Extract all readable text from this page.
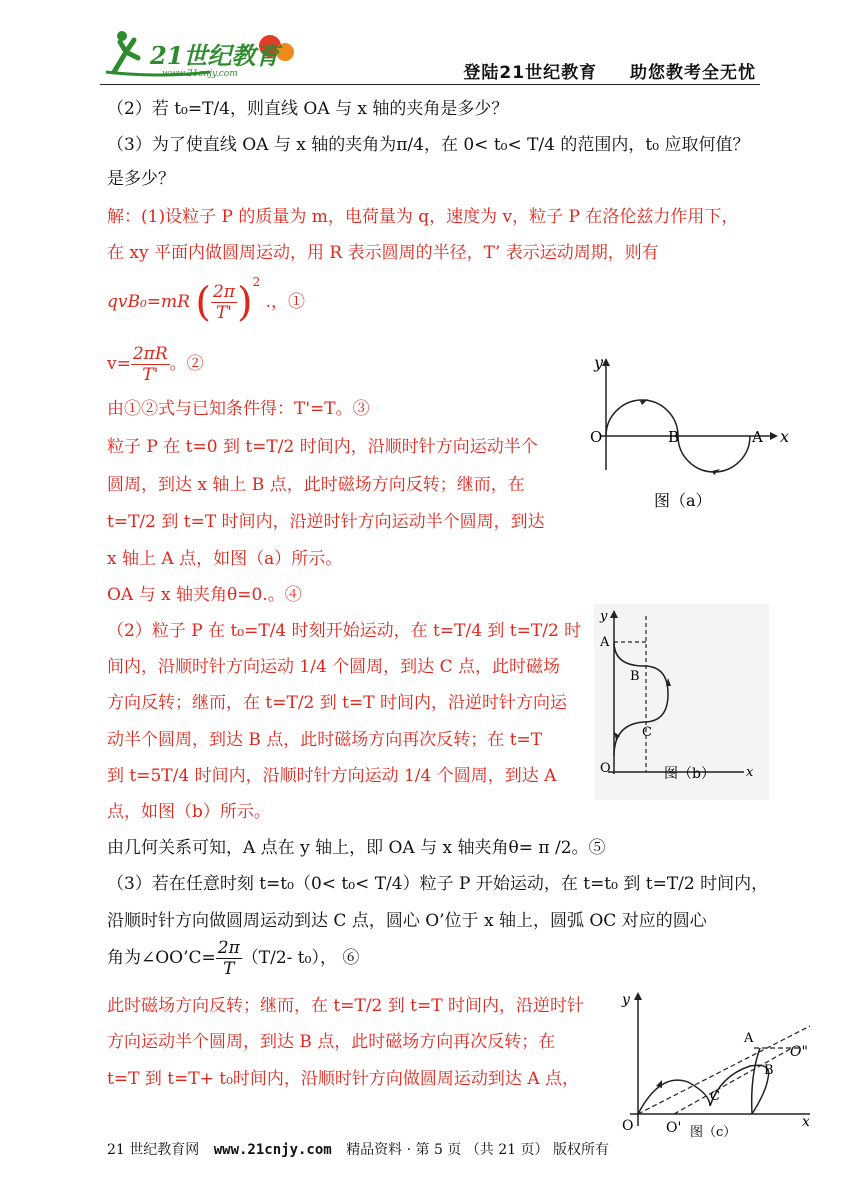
21世纪教育
www.21cnjy.com	登陆21世纪教育 助您教考全无忧
（2）若 t₀=T/4，则直线 OA 与 x 轴的夹角是多少？
（3）为了使直线 OA 与 x 轴的夹角为π/4，在 0< t₀< T/4 的范围内，t₀ 应取何值？
是多少？
解：(1)设粒子 P 的质量为 m，电荷量为 q，速度为 v，粒子 P 在洛伦兹力作用下，
在 xy 平面内做圆周运动，用 R 表示圆周的半径，T’ 表示运动周期，则有
qvB₀=mR ( $\frac{2\pi}{T'} )^2$ .，①
$v= \frac{2\pi R}{T'}$ 。②
由①②式与已知条件得：T'=T。③
粒子 P 在 t=0 到 t=T/2 时间内，沿顺时针方向运动半个
圆周，到达 x 轴上 B 点，此时磁场方向反转；继而，在
t=T/2 到 t=T 时间内，沿逆时针方向运动半个圆周，到达
x 轴上 A 点，如图（a）所示。
OA 与 x 轴夹角θ=0.。④
（2）粒子 P 在 t₀=T/4 时刻开始运动，在 t=T/4 到 t=T/2 时
间内，沿顺时针方向运动 1/4 个圆周，到达 C 点，此时磁场
方向反转；继而，在 t=T/2 到 t=T 时间内，沿逆时针方向运
动半个圆周，到达 B 点，此时磁场方向再次反转；在 t=T
到 t=5T/4 时间内，沿顺时针方向运动 1/4 个圆周，到达 A
点，如图（b）所示。
由几何关系可知，A 点在 y 轴上，即 OA 与 x 轴夹角θ= π /2。⑤
（3）若在任意时刻 t=t₀（0< t₀< T/4）粒子 P 开始运动，在 t=t₀ 到 t=T/2 时间内，
沿顺时针方向做圆周运动到达 C 点，圆心 O’位于 x 轴上，圆弧 OC 对应的圆心
角为∠OO’C= $\frac{2\pi}{T} (T/2-$ t₀）， ⑥
此时磁场方向反转；继而，在 t=T/2 到 t=T 时间内，沿逆时针
方向运动半个圆周，到达 B 点，此时磁场方向再次反转；在
t=T 到 t=T+ t₀时间内，沿顺时针方向做圆周运动到达 A 点，
y
x
O	B	A
图（a）
y
x
O
A
B
C
图（b）
y
x
O O'
O"
A
B
C
图（c）
21 世纪教育网 www.21cnjy.com 精品资料 · 第 5 页 （共 21 页） 版权所有
